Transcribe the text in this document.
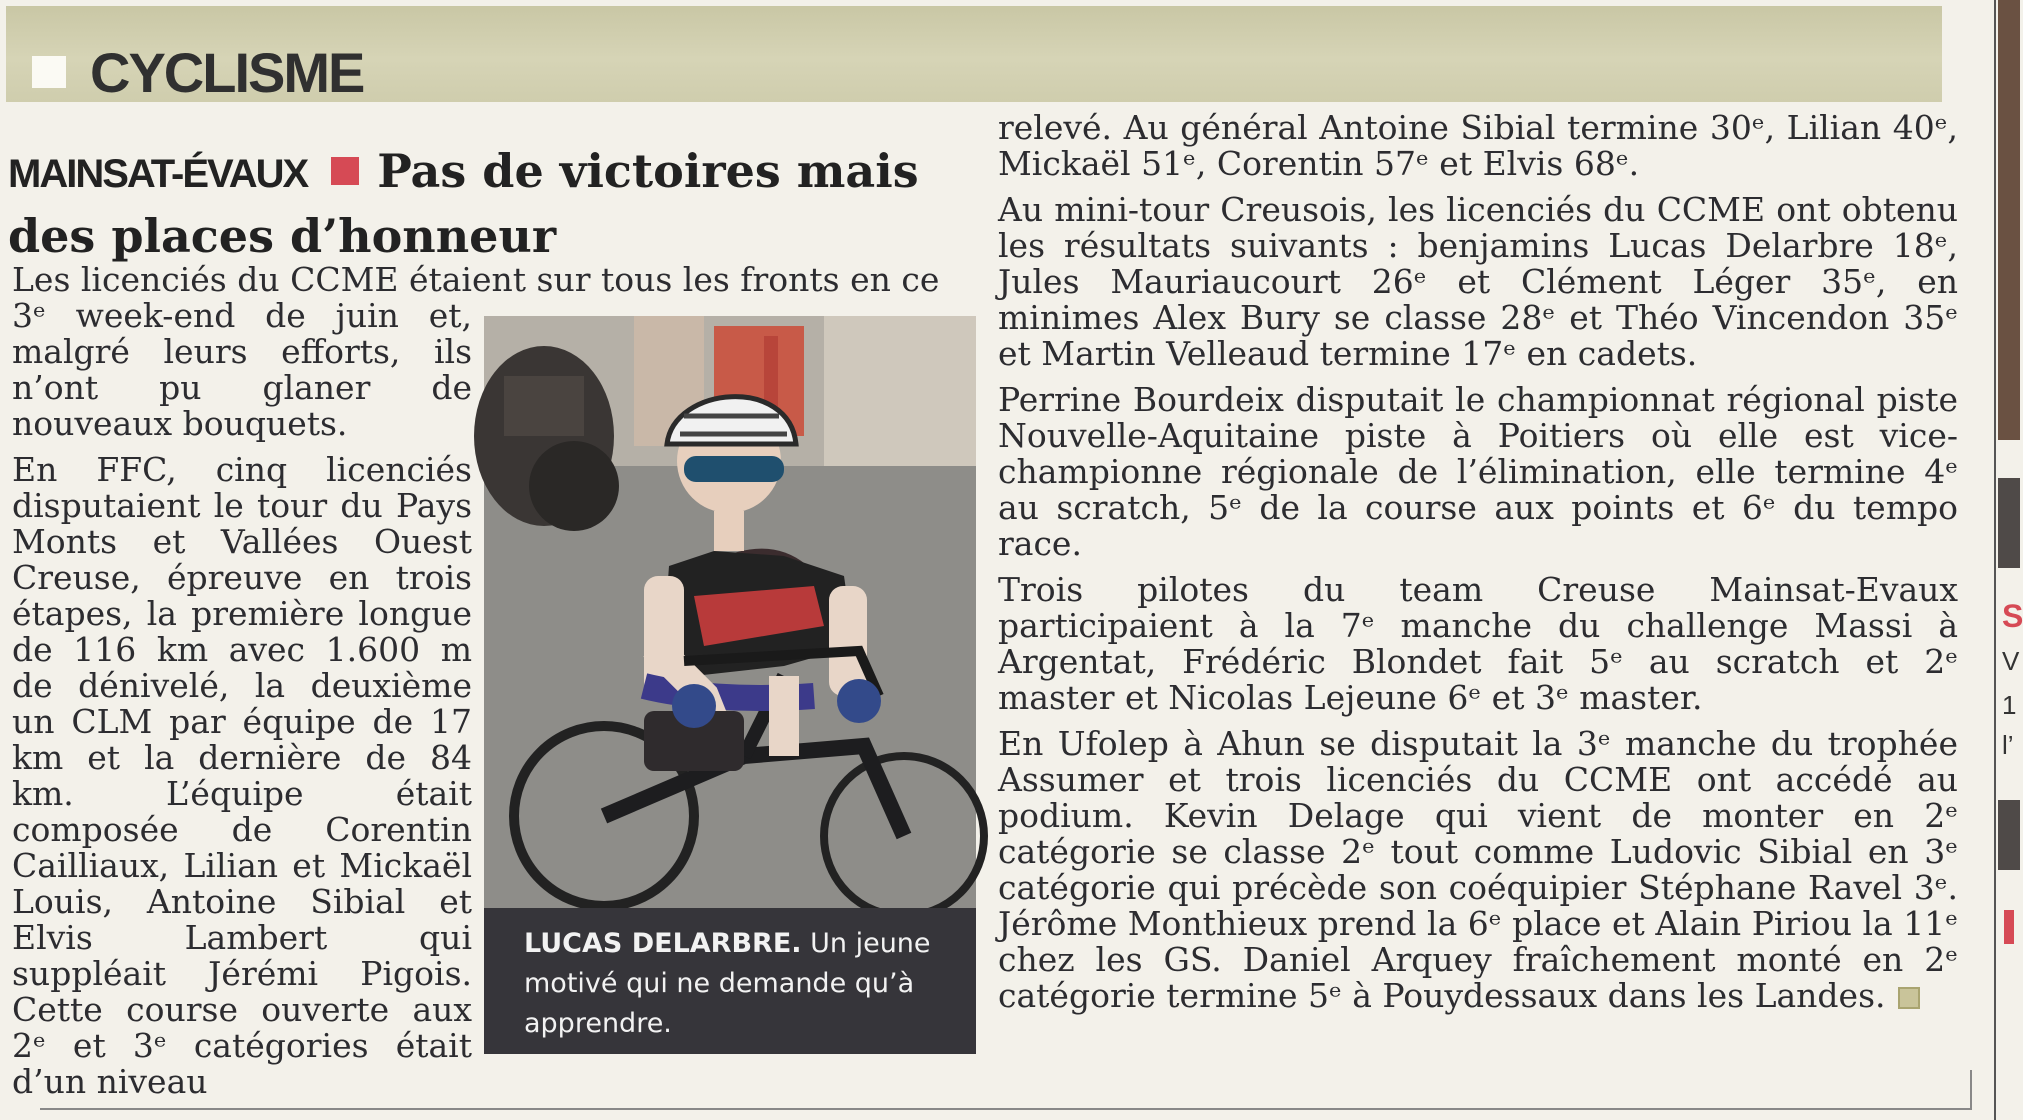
CYCLISME
MAINSAT-ÉVAUX Pas de victoires mais des places d’honneur
Les licenciés du CCME étaient sur tous les fronts en ce

3ᵉ week-end de juin et, malgré leurs efforts, ils n’ont pu glaner de nouveaux bouquets.

En FFC, cinq licenciés disputaient le tour du Pays Monts et Vallées Ouest Creuse, épreuve en trois étapes, la première longue de 116 km avec 1.600 m de dénivelé, la deuxième un CLM par équipe de 17 km et la dernière de 84 km. L’équipe était composée de Corentin Cailliaux, Lilian et Mickaël Louis, Antoine Sibial et Elvis Lambert qui suppléait Jérémi Pigois. Cette course ouverte aux 2ᵉ et 3ᵉ catégories était d’un niveau

LUCAS DELARBRE. Un jeune motivé qui ne demande qu’à apprendre.

relevé. Au général Antoine Sibial termine 30ᵉ, Lilian 40ᵉ, Mickaël 51ᵉ, Corentin 57ᵉ et Elvis 68ᵉ.

Au mini-tour Creusois, les licenciés du CCME ont obtenu les résultats suivants : benjamins Lucas Delarbre 18ᵉ, Jules Mauriaucourt 26ᵉ et Clément Léger 35ᵉ, en minimes Alex Bury se classe 28ᵉ et Théo Vincendon 35ᵉ et Martin Velleaud termine 17ᵉ en cadets.

Perrine Bourdeix disputait le championnat régional piste Nouvelle-Aquitaine piste à Poitiers où elle est vice-championne régionale de l’élimination, elle termine 4ᵉ au scratch, 5ᵉ de la course aux points et 6ᵉ du tempo race.

Trois pilotes du team Creuse Mainsat-Evaux participaient à la 7ᵉ manche du challenge Massi à Argentat, Frédéric Blondet fait 5ᵉ au scratch et 2ᵉ master et Nicolas Lejeune 6ᵉ et 3ᵉ master.

En Ufolep à Ahun se disputait la 3ᵉ manche du trophée Assumer et trois licenciés du CCME ont accédé au podium. Kevin Delage qui vient de monter en 2ᵉ catégorie se classe 2ᵉ tout comme Ludovic Sibial en 3ᵉ catégorie qui précède son coéquipier Stéphane Ravel 3ᵉ. Jérôme Monthieux prend la 6ᵉ place et Alain Piriou la 11ᵉ chez les GS. Daniel Arquey fraîchement monté en 2ᵉ catégorie termine 5ᵉ à Pouydessaux dans les Landes.

S
V
1
l’
